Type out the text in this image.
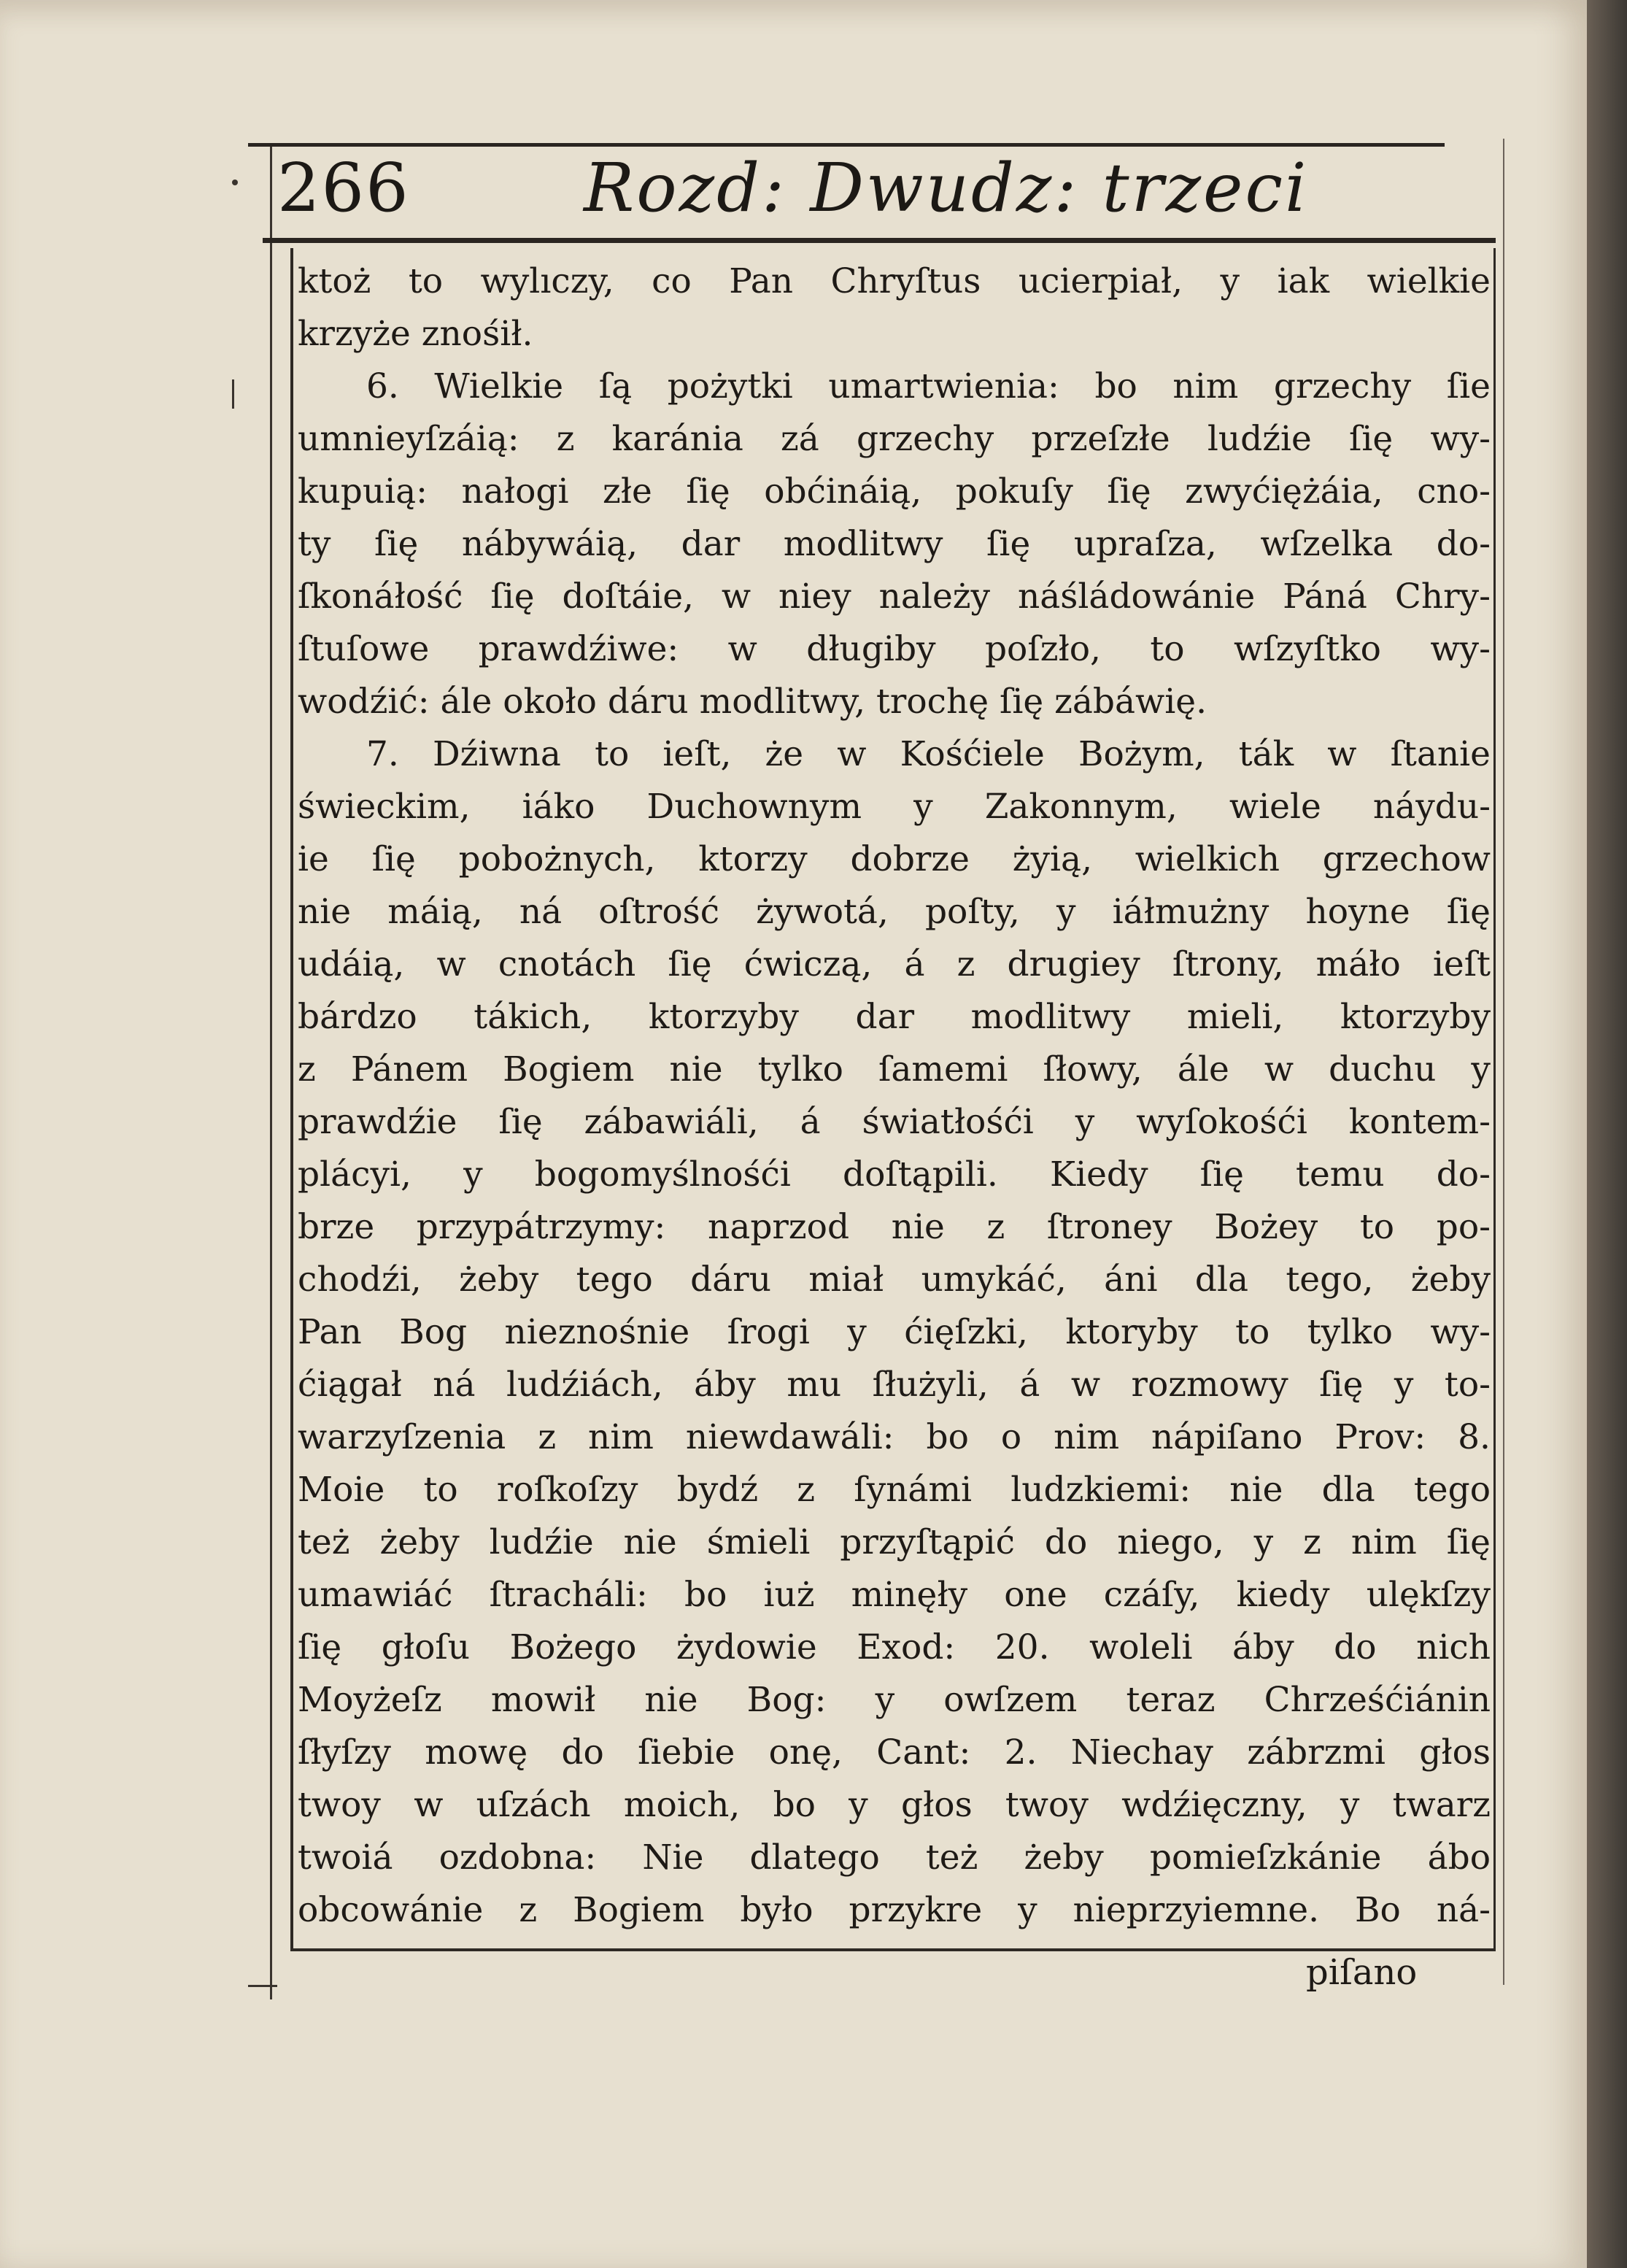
266	Rozd: Dwudz: trzeci
ktoż to wylıczy, co Pan Chryſtus ucierpiał, y iak wielkie
krzyże znośił.
6. Wielkie ſą pożytki umartwienia: bo nim grzechy ſie
umnieyſzáią: z karánia zá grzechy przeſzłe ludźie ſię wy-
kupuią: nałogi złe ſię obćináią, pokuſy ſię zwyćiężáia, cno-
ty ſię nábywáią, dar modlitwy ſię upraſza, wſzelka do-
ſkonáłość ſię doſtáie, w niey należy náśládowánie Páná Chry-
ſtuſowe prawdźiwe: w długiby poſzło, to wſzyſtko wy-
wodźić: ále około dáru modlitwy, trochę ſię zábáwię.
7. Dźiwna to ieſt, że w Kośćiele Bożym, ták w ſtanie
świeckim, iáko Duchownym y Zakonnym, wiele náydu-
ie ſię pobożnych, ktorzy dobrze żyią, wielkich grzechow
nie máią, ná oſtrość żywotá, poſty, y iáłmużny hoyne ſię
udáią, w cnotách ſię ćwiczą, á z drugiey ſtrony, máło ieſt
bárdzo tákich, ktorzyby dar modlitwy mieli, ktorzyby
z Pánem Bogiem nie tylko ſamemi ſłowy, ále w duchu y
prawdźie ſię zábawiáli, á światłośći y wyſokośći kontem-
plácyi, y bogomyślnośći doſtąpili. Kiedy ſię temu do-
brze przypátrzymy: naprzod nie z ſtroney Bożey to po-
chodźi, żeby tego dáru miał umykáć, áni dla tego, żeby
Pan Bog nieznośnie ſrogi y ćięſzki, ktoryby to tylko wy-
ćiągał ná ludźiách, áby mu ſłużyli, á w rozmowy ſię y to-
warzyſzenia z nim niewdawáli: bo o nim nápiſano Prov: 8.
Moie to roſkoſzy bydź z ſynámi ludzkiemi: nie dla tego
też żeby ludźie nie śmieli przyſtąpić do niego, y z nim ſię
umawiáć ſtracháli: bo iuż minęły one czáſy, kiedy ulękſzy
ſię głoſu Bożego żydowie Exod: 20. woleli áby do nich
Moyżeſz mowił nie Bog: y owſzem teraz Chrześćiánin
ſłyſzy mowę do ſiebie onę, Cant: 2. Niechay zábrzmi głos
twoy w uſzách moich, bo y głos twoy wdźięczny, y twarz
twoiá ozdobna: Nie dlatego też żeby pomieſzkánie ábo
obcowánie z Bogiem było przykre y nieprzyiemne. Bo ná-
piſano
